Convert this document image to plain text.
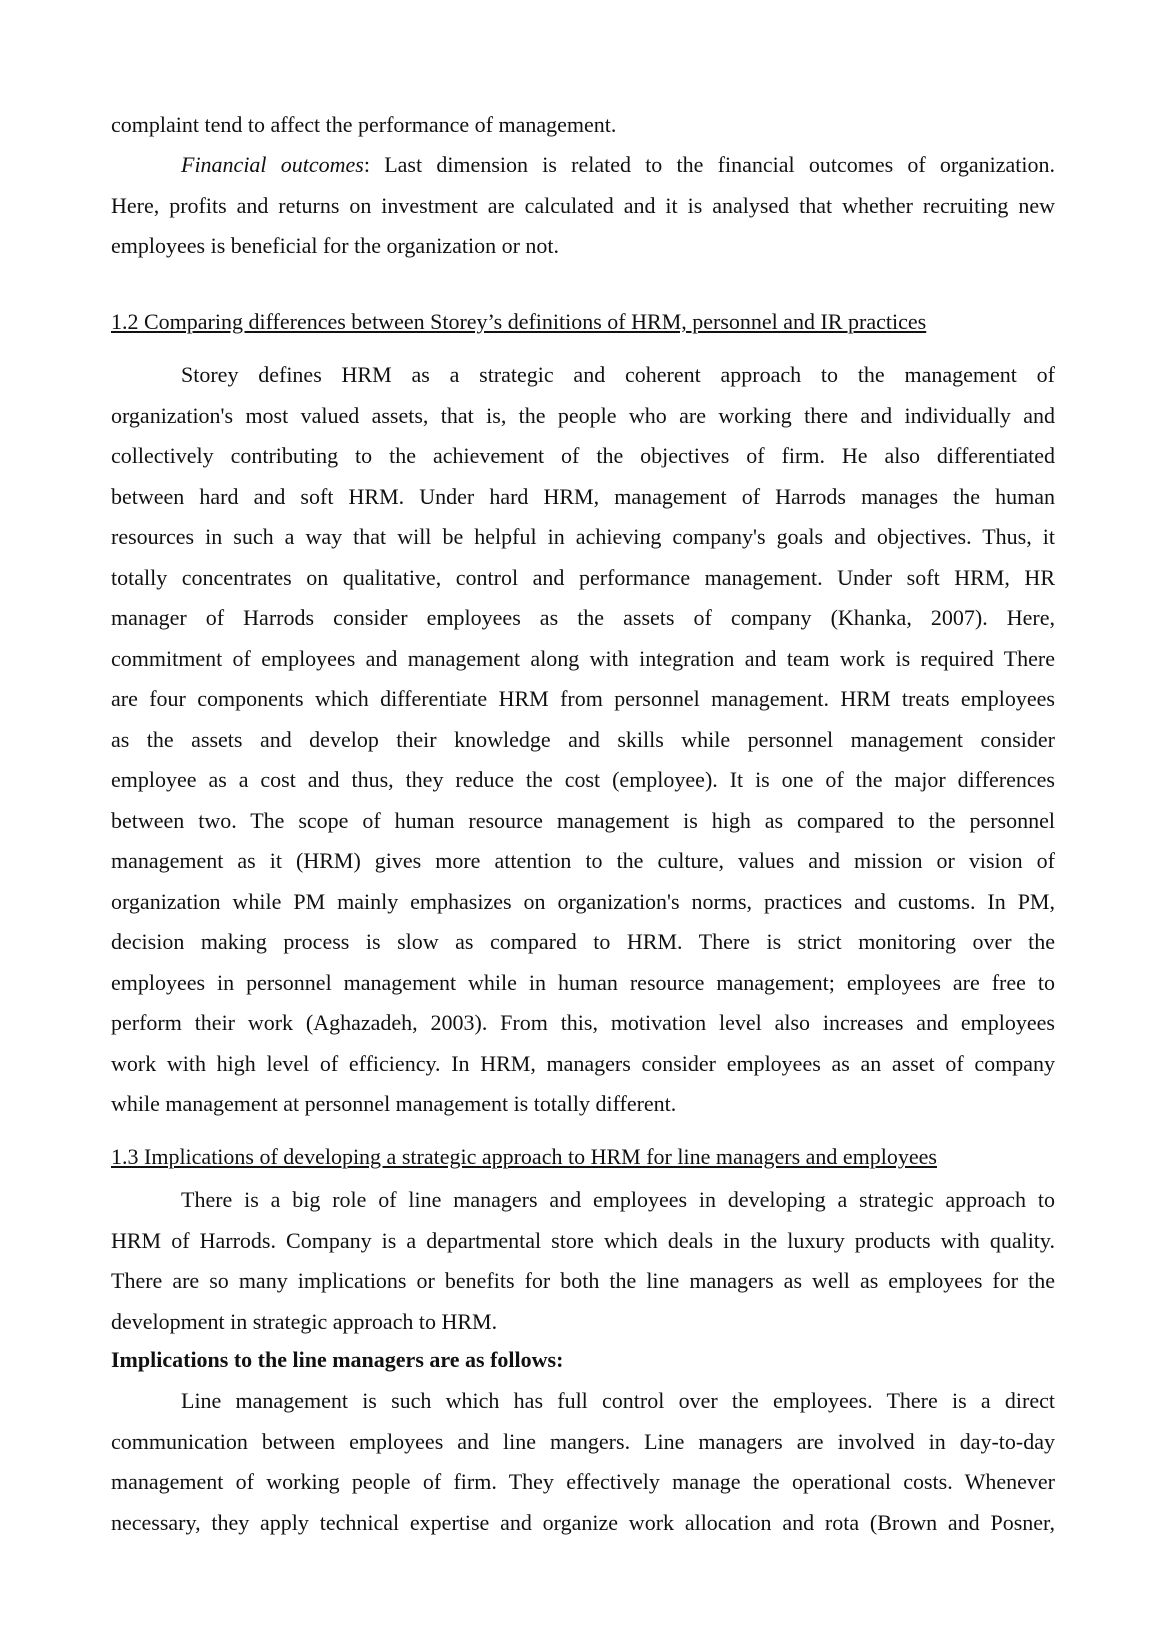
complaint tend to affect the performance of management.
Financial outcomes: Last dimension is related to the financial outcomes of organization.
Here, profits and returns on investment are calculated and it is analysed that whether recruiting new
employees is beneficial for the organization or not.
1.2 Comparing differences between Storey’s definitions of HRM, personnel and IR practices
Storey defines HRM as a strategic and coherent approach to the management of
organization's most valued assets, that is, the people who are working there and individually and
collectively contributing to the achievement of the objectives of firm. He also differentiated
between hard and soft HRM. Under hard HRM, management of Harrods manages the human
resources in such a way that will be helpful in achieving company's goals and objectives. Thus, it
totally concentrates on qualitative, control and performance management. Under soft HRM, HR
manager of Harrods consider employees as the assets of company (Khanka, 2007). Here,
commitment of employees and management along with integration and team work is required There
are four components which differentiate HRM from personnel management. HRM treats employees
as the assets and develop their knowledge and skills while personnel management consider
employee as a cost and thus, they reduce the cost (employee). It is one of the major differences
between two. The scope of human resource management is high as compared to the personnel
management as it (HRM) gives more attention to the culture, values and mission or vision of
organization while PM mainly emphasizes on organization's norms, practices and customs. In PM,
decision making process is slow as compared to HRM. There is strict monitoring over the
employees in personnel management while in human resource management; employees are free to
perform their work (Aghazadeh, 2003). From this, motivation level also increases and employees
work with high level of efficiency. In HRM, managers consider employees as an asset of company
while management at personnel management is totally different.
1.3 Implications of developing a strategic approach to HRM for line managers and employees
There is a big role of line managers and employees in developing a strategic approach to
HRM of Harrods. Company is a departmental store which deals in the luxury products with quality.
There are so many implications or benefits for both the line managers as well as employees for the
development in strategic approach to HRM.
Implications to the line managers are as follows:
Line management is such which has full control over the employees. There is a direct
communication between employees and line mangers. Line managers are involved in day-to-day
management of working people of firm. They effectively manage the operational costs. Whenever
necessary, they apply technical expertise and organize work allocation and rota (Brown and Posner,
